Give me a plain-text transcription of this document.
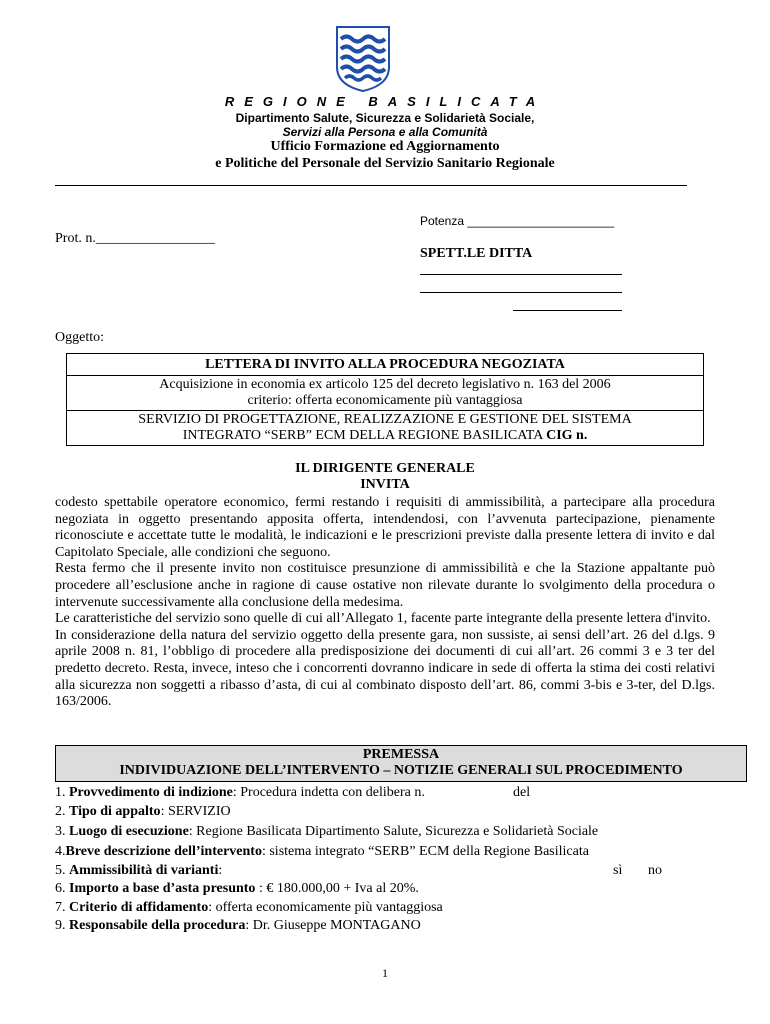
REGIONE BASILICATA
Dipartimento Salute, Sicurezza e Solidarietà Sociale,
Servizi alla Persona e alla Comunità
Ufficio Formazione ed Aggiornamento
e Politiche del Personale del Servizio Sanitario Regionale
Potenza ______________________
Prot. n._________________
SPETT.LE DITTA
Oggetto:
LETTERA DI INVITO ALLA PROCEDURA NEGOZIATA
Acquisizione in economia ex articolo 125 del decreto legislativo n. 163 del 2006
criterio: offerta economicamente più vantaggiosa
SERVIZIO DI PROGETTAZIONE, REALIZZAZIONE E GESTIONE DEL SISTEMA
INTEGRATO “SERB” ECM DELLA REGIONE BASILICATA CIG n.
IL DIRIGENTE GENERALE
INVITA

codesto spettabile operatore economico, fermi restando i requisiti di ammissibilità, a partecipare alla procedura negoziata in oggetto presentando apposita offerta, intendendosi, con l’avvenuta partecipazione, pienamente riconosciute e accettate tutte le modalità, le indicazioni e le prescrizioni previste dalla presente lettera di invito e dal Capitolato Speciale, alle condizioni che seguono.

Resta fermo che il presente invito non costituisce presunzione di ammissibilità e che la Stazione appaltante può procedere all’esclusione anche in ragione di cause ostative non rilevate durante lo svolgimento della procedura o intervenute successivamente alla conclusione della medesima.

Le caratteristiche del servizio sono quelle di cui all’Allegato 1, facente parte integrante della presente lettera d'invito.

In considerazione della natura del servizio oggetto della presente gara, non sussiste, ai sensi dell’art. 26 del d.lgs. 9 aprile 2008 n. 81, l’obbligo di procedere alla predisposizione dei documenti di cui all’art. 26 commi 3 e 3 ter del predetto decreto. Resta, invece, inteso che i concorrenti dovranno indicare in sede di offerta la stima dei costi relativi alla sicurezza non soggetti a ribasso d’asta, di cui al combinato disposto dell’art. 86, commi 3-bis e 3-ter, del D.lgs. 163/2006.

PREMESSA
INDIVIDUAZIONE DELL’INTERVENTO – NOTIZIE GENERALI SUL PROCEDIMENTO
1. Provvedimento di indizione: Procedura indetta con delibera n.	del
2. Tipo di appalto: SERVIZIO
3. Luogo di esecuzione: Regione Basilicata Dipartimento Salute, Sicurezza e Solidarietà Sociale
4.Breve descrizione dell’intervento: sistema integrato “SERB” ECM della Regione Basilicata
5. Ammissibilità di varianti:	sì no
6. Importo a base d’asta presunto : € 180.000,00 + Iva al 20%.
7. Criterio di affidamento: offerta economicamente più vantaggiosa
9. Responsabile della procedura: Dr. Giuseppe MONTAGANO
1
